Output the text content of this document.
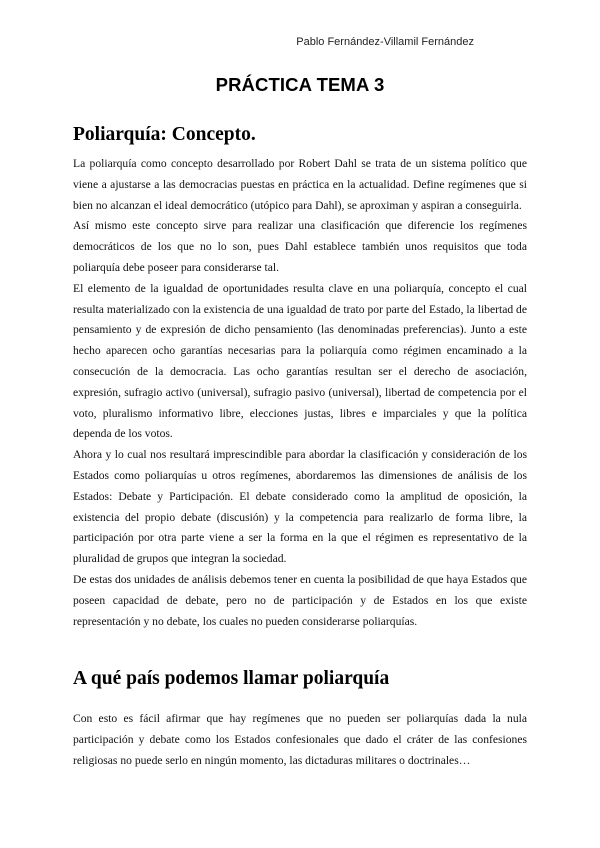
Pablo Fernández-Villamil Fernández
PRÁCTICA TEMA 3
Poliarquía: Concepto.

La poliarquía como concepto desarrollado por Robert Dahl se trata de un sistema político que viene a ajustarse a las democracias puestas en práctica en la actualidad. Define regímenes que si bien no alcanzan el ideal democrático (utópico para Dahl), se aproximan y aspiran a conseguirla.

Así mismo este concepto sirve para realizar una clasificación que diferencie los regímenes democráticos de los que no lo son, pues Dahl establece también unos requisitos que toda poliarquía debe poseer para considerarse tal.

El elemento de la igualdad de oportunidades resulta clave en una poliarquía, concepto el cual resulta materializado con la existencia de una igualdad de trato por parte del Estado, la libertad de pensamiento y de expresión de dicho pensamiento (las denominadas preferencias). Junto a este hecho aparecen ocho garantías necesarias para la poliarquía como régimen encaminado a la consecución de la democracia. Las ocho garantías resultan ser el derecho de asociación, expresión, sufragio activo (universal), sufragio pasivo (universal), libertad de competencia por el voto, pluralismo informativo libre, elecciones justas, libres e imparciales y que la política dependa de los votos.

Ahora y lo cual nos resultará imprescindible para abordar la clasificación y consideración de los Estados como poliarquías u otros regímenes, abordaremos las dimensiones de análisis de los Estados: Debate y Participación. El debate considerado como la amplitud de oposición, la existencia del propio debate (discusión) y la competencia para realizarlo de forma libre, la participación por otra parte viene a ser la forma en la que el régimen es representativo de la pluralidad de grupos que integran la sociedad.

De estas dos unidades de análisis debemos tener en cuenta la posibilidad de que haya Estados que poseen capacidad de debate, pero no de participación y de Estados en los que existe representación y no debate, los cuales no pueden considerarse poliarquías.

A qué país podemos llamar poliarquía

Con esto es fácil afirmar que hay regímenes que no pueden ser poliarquías dada la nula participación y debate como los Estados confesionales que dado el cráter de las confesiones religiosas no puede serlo en ningún momento, las dictaduras militares o doctrinales…
